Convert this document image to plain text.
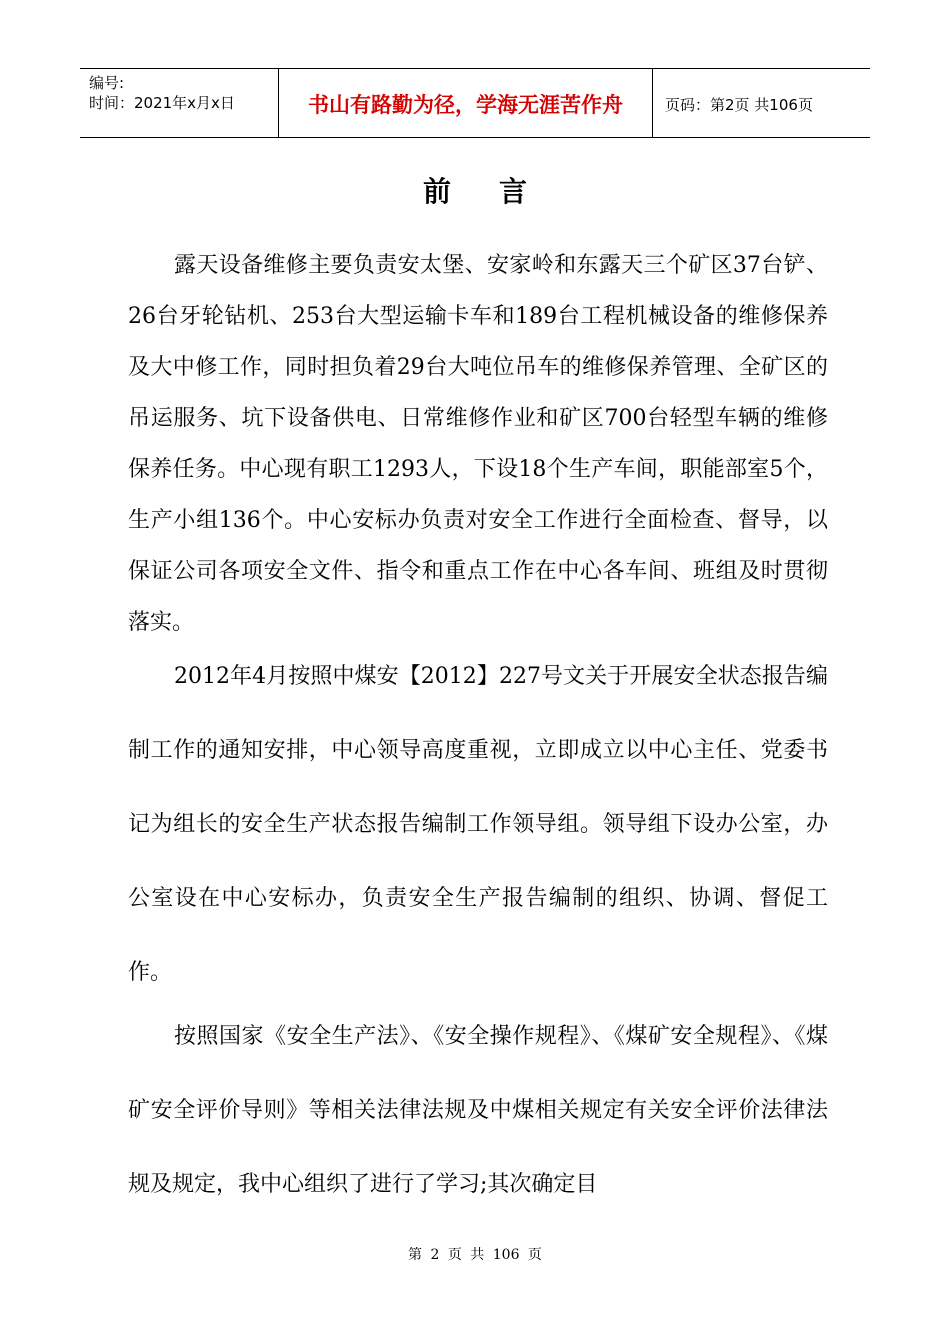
编号:
时间：2021年x月x日	书山有路勤为径，学海无涯苦作舟	页码：第2页 共106页
前言

露天设备维修主要负责安太堡、安家岭和东露天三个矿区37台铲、26台牙轮钻机、253台大型运输卡车和189台工程机械设备的维修保养及大中修工作，同时担负着29台大吨位吊车的维修保养管理、全矿区的吊运服务、坑下设备供电、日常维修作业和矿区700台轻型车辆的维修保养任务。中心现有职工1293人，下设18个生产车间，职能部室5个，生产小组136个。中心安标办负责对安全工作进行全面检查、督导，以保证公司各项安全文件、指令和重点工作在中心各车间、班组及时贯彻落实。

2012年4月按照中煤安【2012】227号文关于开展安全状态报告编制工作的通知安排，中心领导高度重视，立即成立以中心主任、党委书记为组长的安全生产状态报告编制工作领导组。领导组下设办公室，办公室设在中心安标办，负责安全生产报告编制的组织、协调、督促工作。

按照国家《安全生产法》、《安全操作规程》、《煤矿安全规程》、《煤矿安全评价导则》等相关法律法规及中煤相关规定有关安全评价法律法规及规定，我中心组织了进行了学习;其次确定目

第 2 页 共 106 页
